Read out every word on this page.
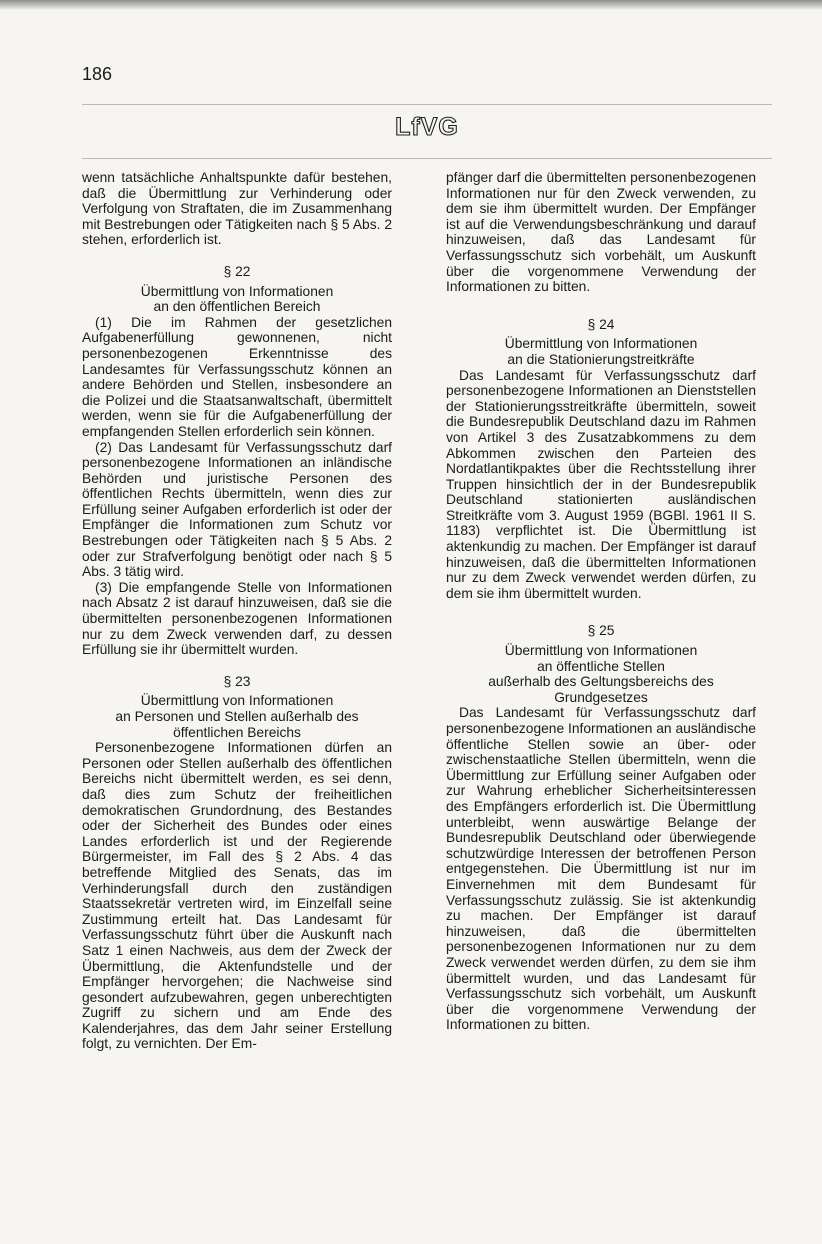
186
LfVG

wenn tatsächliche Anhaltspunkte dafür bestehen, daß die Übermittlung zur Verhinderung oder Verfolgung von Straftaten, die im Zusammenhang mit Bestrebungen oder Tätigkeiten nach § 5 Abs. 2 stehen, erforderlich ist.

§ 22
Übermittlung von Informationen
an den öffentlichen Bereich

(1) Die im Rahmen der gesetzlichen Aufgabenerfüllung gewonnenen, nicht personenbezogenen Erkenntnisse des Landesamtes für Verfassungsschutz können an andere Behörden und Stellen, insbesondere an die Polizei und die Staatsanwaltschaft, übermittelt werden, wenn sie für die Aufgabenerfüllung der empfangenden Stellen erforderlich sein können.

(2) Das Landesamt für Verfassungsschutz darf personenbezogene Informationen an inländische Behörden und juristische Personen des öffentlichen Rechts übermitteln, wenn dies zur Erfüllung seiner Aufgaben erforderlich ist oder der Empfänger die Informationen zum Schutz vor Bestrebungen oder Tätigkeiten nach § 5 Abs. 2 oder zur Strafverfolgung benötigt oder nach § 5 Abs. 3 tätig wird.

(3) Die empfangende Stelle von Informationen nach Absatz 2 ist darauf hinzuweisen, daß sie die übermittelten personenbezogenen Informationen nur zu dem Zweck verwenden darf, zu dessen Erfüllung sie ihr übermittelt wurden.

§ 23
Übermittlung von Informationen
an Personen und Stellen außerhalb des
öffentlichen Bereichs

Personenbezogene Informationen dürfen an Personen oder Stellen außerhalb des öffentlichen Bereichs nicht übermittelt werden, es sei denn, daß dies zum Schutz der freiheitlichen demokratischen Grundordnung, des Bestandes oder der Sicherheit des Bundes oder eines Landes erforderlich ist und der Regierende Bürgermeister, im Fall des § 2 Abs. 4 das betreffende Mitglied des Senats, das im Verhinderungsfall durch den zuständigen Staatssekretär vertreten wird, im Einzelfall seine Zustimmung erteilt hat. Das Landesamt für Verfassungsschutz führt über die Auskunft nach Satz 1 einen Nachweis, aus dem der Zweck der Übermittlung, die Aktenfundstelle und der Empfänger hervorgehen; die Nachweise sind gesondert aufzubewahren, gegen unberechtigten Zugriff zu sichern und am Ende des Kalenderjahres, das dem Jahr seiner Erstellung folgt, zu vernichten. Der Em-

pfänger darf die übermittelten personenbezogenen Informationen nur für den Zweck verwenden, zu dem sie ihm übermittelt wurden. Der Empfänger ist auf die Verwendungsbeschränkung und darauf hinzuweisen, daß das Landesamt für Verfassungsschutz sich vorbehält, um Auskunft über die vorgenommene Verwendung der Informationen zu bitten.

§ 24
Übermittlung von Informationen
an die Stationierungstreitkräfte

Das Landesamt für Verfassungsschutz darf personenbezogene Informationen an Dienststellen der Stationierungsstreitkräfte übermitteln, soweit die Bundesrepublik Deutschland dazu im Rahmen von Artikel 3 des Zusatzabkommens zu dem Abkommen zwischen den Parteien des Nordatlantikpaktes über die Rechtsstellung ihrer Truppen hinsichtlich der in der Bundesrepublik Deutschland stationierten ausländischen Streitkräfte vom 3. August 1959 (BGBl. 1961 II S. 1183) verpflichtet ist. Die Übermittlung ist aktenkundig zu machen. Der Empfänger ist darauf hinzuweisen, daß die übermittelten Informationen nur zu dem Zweck verwendet werden dürfen, zu dem sie ihm übermittelt wurden.

§ 25
Übermittlung von Informationen
an öffentliche Stellen
außerhalb des Geltungsbereichs des
Grundgesetzes

Das Landesamt für Verfassungsschutz darf personenbezogene Informationen an ausländische öffentliche Stellen sowie an über- oder zwischenstaatliche Stellen übermitteln, wenn die Übermittlung zur Erfüllung seiner Aufgaben oder zur Wahrung erheblicher Sicherheitsinteressen des Empfängers erforderlich ist. Die Übermittlung unterbleibt, wenn auswärtige Belange der Bundesrepublik Deutschland oder überwiegende schutzwürdige Interessen der betroffenen Person entgegenstehen. Die Übermittlung ist nur im Einvernehmen mit dem Bundesamt für Verfassungsschutz zulässig. Sie ist aktenkundig zu machen. Der Empfänger ist darauf hinzuweisen, daß die übermittelten personenbezogenen Informationen nur zu dem Zweck verwendet werden dürfen, zu dem sie ihm übermittelt wurden, und das Landesamt für Verfassungsschutz sich vorbehält, um Auskunft über die vorgenommene Verwendung der Informationen zu bitten.
